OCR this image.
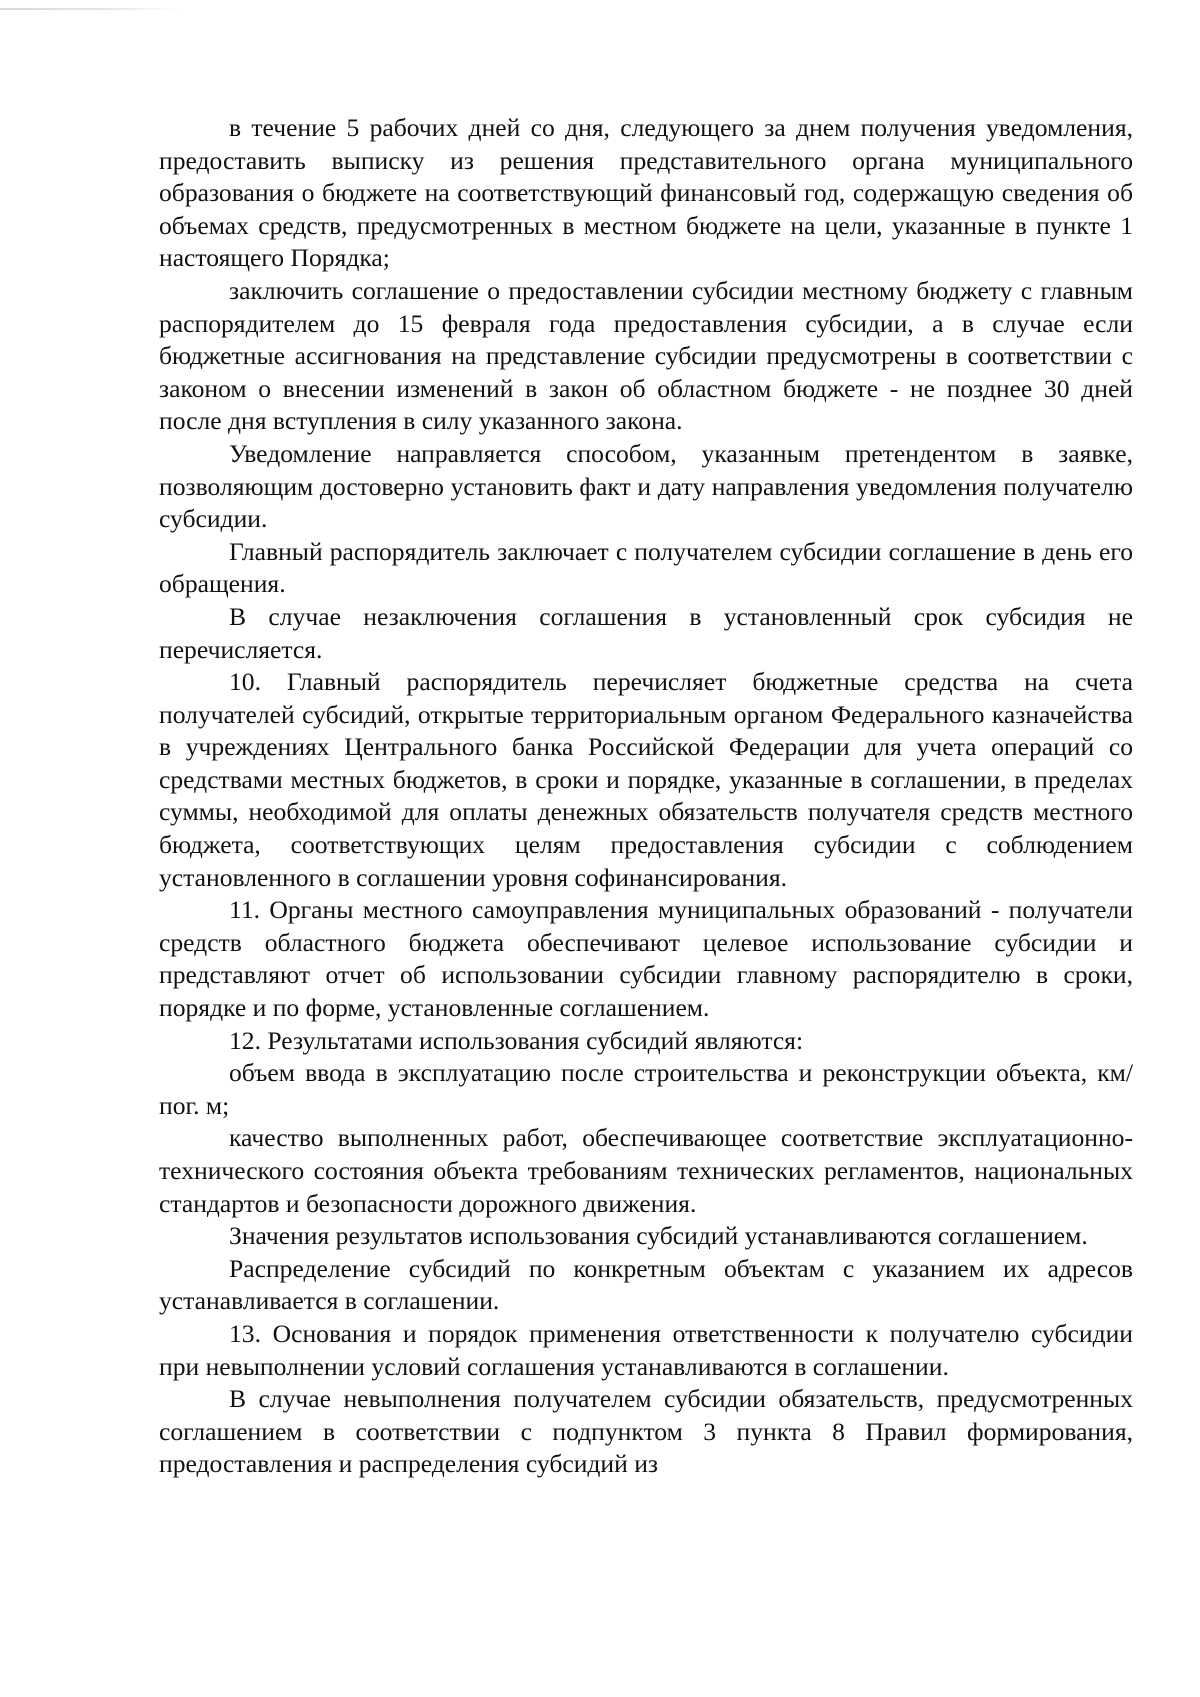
в течение 5 рабочих дней со дня, следующего за днем получения уведомления, предоставить выписку из решения представительного органа муниципального образования о бюджете на соответствующий финансовый год, содержащую сведения об объемах средств, предусмотренных в местном бюджете на цели, указанные в пункте 1 настоящего Порядка;

заключить соглашение о предоставлении субсидии местному бюджету с главным распорядителем до 15 февраля года предоставления субсидии, а в случае если бюджетные ассигнования на представление субсидии предусмотрены в соответствии с законом о внесении изменений в закон об областном бюджете - не позднее 30 дней после дня вступления в силу указанного закона.

Уведомление направляется способом, указанным претендентом в заявке, позволяющим достоверно установить факт и дату направления уведомления получателю субсидии.

Главный распорядитель заключает с получателем субсидии соглашение в день его обращения.

В случае незаключения соглашения в установленный срок субсидия не перечисляется.

10. Главный распорядитель перечисляет бюджетные средства на счета получателей субсидий, открытые территориальным органом Федерального казначейства в учреждениях Центрального банка Российской Федерации для учета операций со средствами местных бюджетов, в сроки и порядке, указанные в соглашении, в пределах суммы, необходимой для оплаты денежных обязательств получателя средств местного бюджета, соответствующих целям предоставления субсидии с соблюдением установленного в соглашении уровня софинансирования.

11. Органы местного самоуправления муниципальных образований - получатели средств областного бюджета обеспечивают целевое использование субсидии и представляют отчет об использовании субсидии главному распорядителю в сроки, порядке и по форме, установленные соглашением.

12. Результатами использования субсидий являются:

объем ввода в эксплуатацию после строительства и реконструкции объекта, км/пог. м;

качество выполненных работ, обеспечивающее соответствие эксплуатационно-технического состояния объекта требованиям технических регламентов, национальных стандартов и безопасности дорожного движения.

Значения результатов использования субсидий устанавливаются соглашением.

Распределение субсидий по конкретным объектам с указанием их адресов устанавливается в соглашении.

13. Основания и порядок применения ответственности к получателю субсидии при невыполнении условий соглашения устанавливаются в соглашении.

В случае невыполнения получателем субсидии обязательств, предусмотренных соглашением в соответствии с подпунктом 3 пункта 8 Правил формирования, предоставления и распределения субсидий из
